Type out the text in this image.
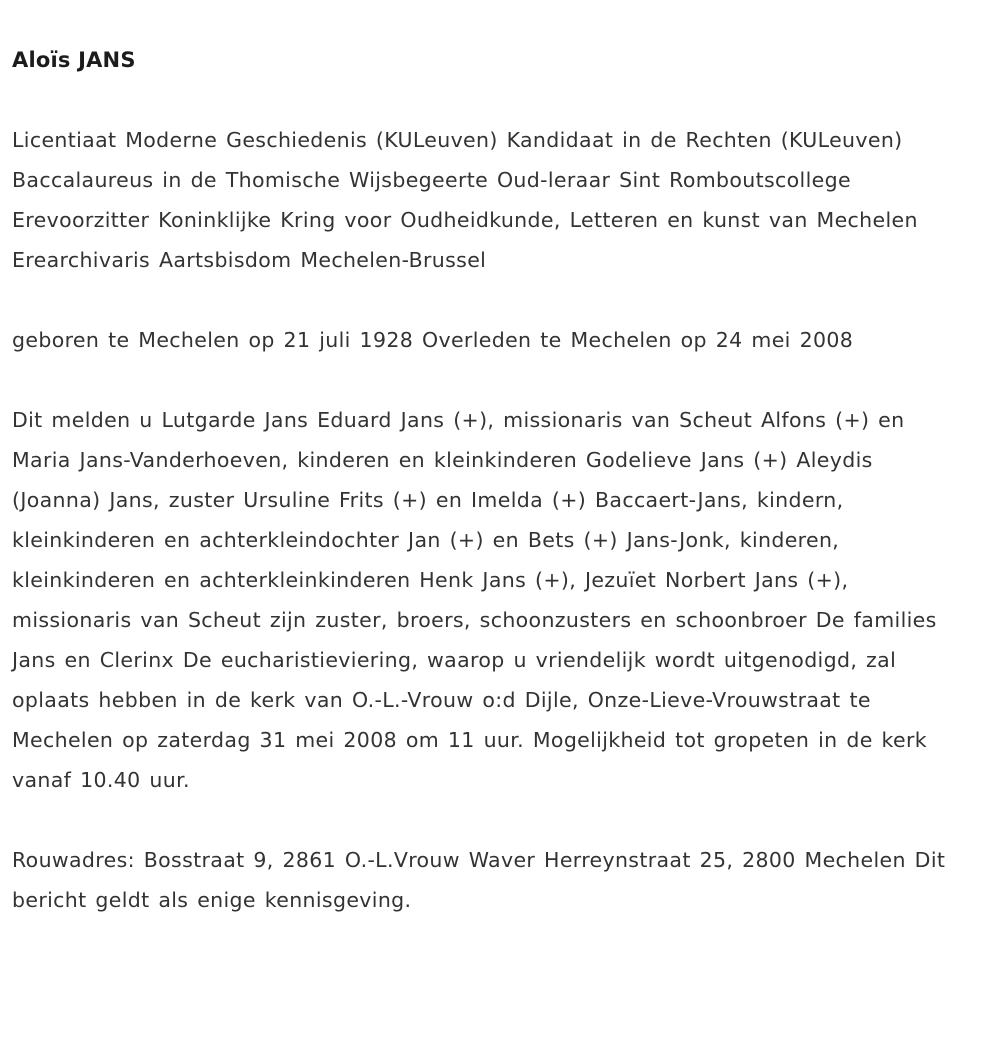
Aloïs JANS

Licentiaat Moderne Geschiedenis (KULeuven) Kandidaat in de Rechten (KULeuven) Baccalaureus in de Thomische Wijsbegeerte Oud-leraar Sint Romboutscollege Erevoorzitter Koninklijke Kring voor Oudheidkunde, Letteren en kunst van Mechelen Erearchivaris Aartsbisdom Mechelen-Brussel

geboren te Mechelen op 21 juli 1928 Overleden te Mechelen op 24 mei 2008

Dit melden u Lutgarde Jans Eduard Jans (+), missionaris van Scheut Alfons (+) en Maria Jans-Vanderhoeven, kinderen en kleinkinderen Godelieve Jans (+) Aleydis (Joanna) Jans, zuster Ursuline Frits (+) en Imelda (+) Baccaert-Jans, kindern, kleinkinderen en achterkleindochter Jan (+) en Bets (+) Jans-Jonk, kinderen, kleinkinderen en achterkleinkinderen Henk Jans (+), Jezuïet Norbert Jans (+), missionaris van Scheut zijn zuster, broers, schoonzusters en schoonbroer De families Jans en Clerinx De eucharistieviering, waarop u vriendelijk wordt uitgenodigd, zal oplaats hebben in de kerk van O.-L.-Vrouw o:d Dijle, Onze-Lieve-Vrouwstraat te Mechelen op zaterdag 31 mei 2008 om 11 uur. Mogelijkheid tot gropeten in de kerk vanaf 10.40 uur.

Rouwadres: Bosstraat 9, 2861 O.-L.Vrouw Waver Herreynstraat 25, 2800 Mechelen Dit bericht geldt als enige kennisgeving.
